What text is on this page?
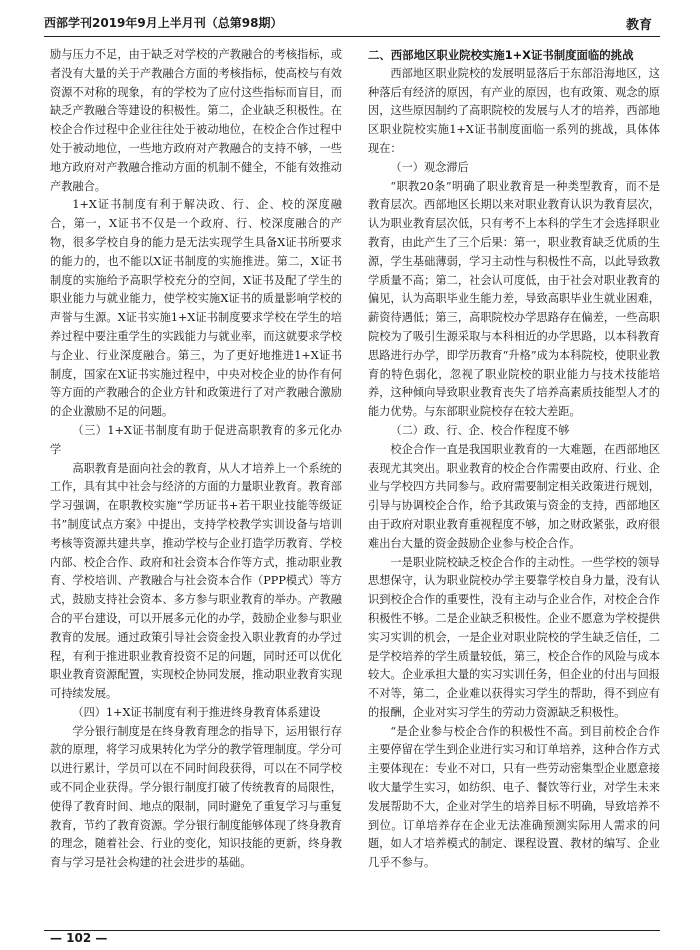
西部学刊2019年9月上半月刊（总第98期）	教育

励与压力不足，由于缺乏对学校的产教融合的考核指标，或者没有大量的关于产教融合方面的考核指标，使高校与有效资源不对称的现象，有的学校为了应付这些指标而盲目，而缺乏产教融合等建设的积极性。第二，企业缺乏积极性。在校企合作过程中企业往往处于被动地位，在校企合作过程中处于被动地位，一些地方政府对产教融合的支持不够，一些地方政府对产教融合推动方面的机制不健全，不能有效推动产教融合。

1+X证书制度有利于解决政、行、企、校的深度融合，第一，X证书不仅是一个政府、行、校深度融合的产物，很多学校自身的能力是无法实现学生具备X证书所要求的能力的，也不能以X证书制度的实施推进。第二，X证书制度的实施给予高职学校充分的空间，X证书及配了学生的职业能力与就业能力，使学校实施X证书的质量影响学校的声誉与生源。X证书实施1+X证书制度要求学校在学生的培养过程中要注重学生的实践能力与就业率，而这就要求学校与企业、行业深度融合。第三，为了更好地推进1+X证书制度，国家在X证书实施过程中，中央对校企业的协作有何等方面的产教融合的企业方针和政策进行了对产教融合激励的企业激励不足的问题。

（三）1+X证书制度有助于促进高职教育的多元化办学

高职教育是面向社会的教育，从人才培养上一个系统的工作，具有其中社会与经济的方面的力量职业教育。教育部学习强调，在职教校实施“学历证书+若干职业技能等级证书”制度试点方案》中提出，支持学校教学实训设备与培训考核等资源共建共享，推动学校与企业打造学历教育、学校内部、校企合作、政府和社会资本合作等方式，推动职业教育、学校培训、产教融合与社会资本合作（PPP模式）等方式，鼓励支持社会资本、多方参与职业教育的举办。产教融合的平台建设，可以开展多元化的办学，鼓励企业参与职业教育的发展。通过政策引导社会资金投入职业教育的办学过程，有利于推进职业教育投资不足的问题，同时还可以优化职业教育资源配置，实现校企协同发展，推动职业教育实现可持续发展。

（四）1+X证书制度有利于推进终身教育体系建设

学分银行制度是在终身教育理念的指导下，运用银行存款的原理，将学习成果转化为学分的教学管理制度。学分可以进行累计，学员可以在不同时间段获得，可以在不同学校或不同企业获得。学分银行制度打破了传统教育的局限性，使得了教育时间、地点的限制，同时避免了重复学习与重复教育，节约了教育资源。学分银行制度能够体现了终身教育的理念，随着社会、行业的变化，知识技能的更新，终身教育与学习是社会构建的社会进步的基础。

二、西部地区职业院校实施1+X证书制度面临的挑战

西部地区职业院校的发展明显落后于东部沿海地区，这种落后有经济的原因，有产业的原因，也有政策、观念的原因，这些原因制约了高职院校的发展与人才的培养，西部地区职业院校实施1+X证书制度面临一系列的挑战，具体体现在：

（一）观念滞后

“职教20条”明确了职业教育是一种类型教育，而不是教育层次。西部地区长期以来对职业教育认识为教育层次，认为职业教育层次低，只有考不上本科的学生才会选择职业教育，由此产生了三个后果：第一，职业教育缺乏优质的生源，学生基础薄弱，学习主动性与积极性不高，以此导致教学质量不高；第二，社会认可度低，由于社会对职业教育的偏见，认为高职毕业生能力差，导致高职毕业生就业困难，薪资待遇低；第三，高职院校办学思路存在偏差，一些高职院校为了吸引生源采取与本科相近的办学思路，以本科教育思路进行办学，即学历教育“升格”成为本科院校，使职业教育的特色弱化，忽视了职业院校的职业能力与技术技能培养，这种倾向导致职业教育丧失了培养高素质技能型人才的能力优势。与东部职业院校存在较大差距。

（二）政、行、企、校合作程度不够

校企合作一直是我国职业教育的一大难题，在西部地区表现尤其突出。职业教育的校企合作需要由政府、行业、企业与学校四方共同参与。政府需要制定相关政策进行规划，引导与协调校企合作，给予其政策与资金的支持，西部地区由于政府对职业教育重视程度不够，加之财政紧张，政府很难出台大量的资金鼓励企业参与校企合作。

一是职业院校缺乏校企合作的主动性。一些学校的领导思想保守，认为职业院校办学主要靠学校自身力量，没有认识到校企合作的重要性，没有主动与企业合作，对校企合作积极性不够。二是企业缺乏积极性。企业不愿意为学校提供实习实训的机会，一是企业对职业院校的学生缺乏信任，二是学校培养的学生质量较低，第三，校企合作的风险与成本较大。企业承担大量的实习实训任务，但企业的付出与回报不对等，第二，企业难以获得实习学生的帮助，得不到应有的报酬，企业对实习学生的劳动力资源缺乏积极性。

“是企业参与校企合作的积极性不高。到目前校企合作主要停留在学生到企业进行实习和订单培养，这种合作方式主要体现在：专业不对口，只有一些劳动密集型企业愿意接收大量学生实习，如纺织、电子、餐饮等行业，对学生未来发展帮助不大，企业对学生的培养目标不明确，导致培养不到位。订单培养存在企业无法准确预测实际用人需求的问题，如人才培养模式的制定、课程设置、教材的编写、企业几乎不参与。

— 102 —
